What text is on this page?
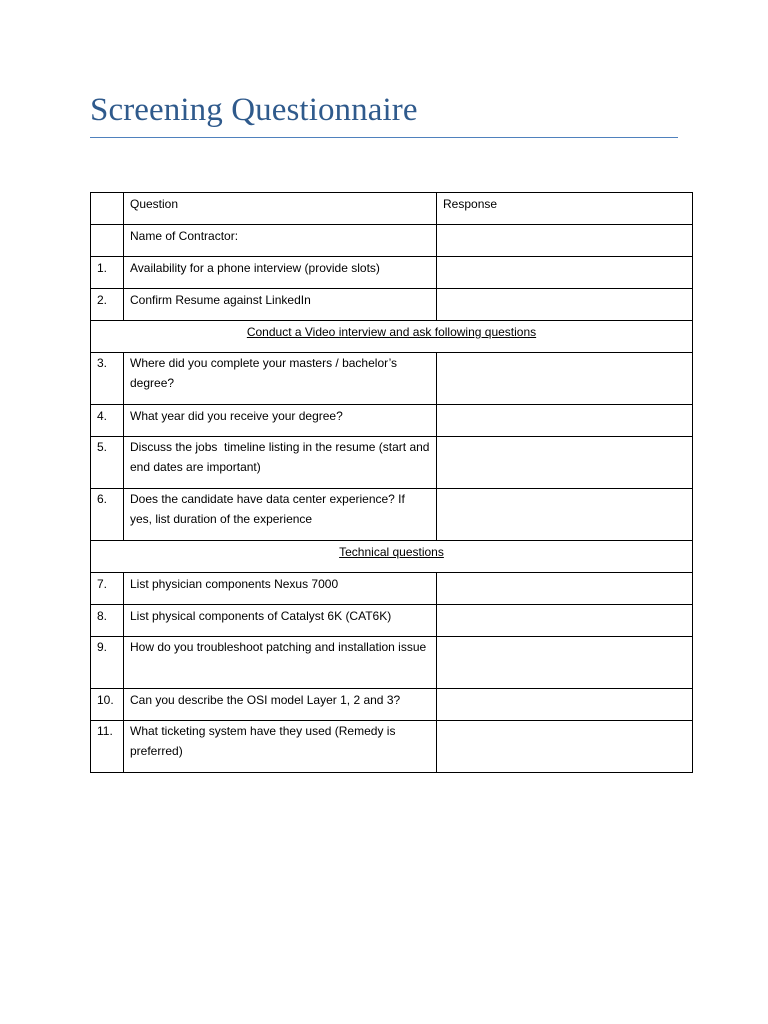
Screening Questionnaire
	Question	Response
	Name of Contractor:	
1.	Availability for a phone interview (provide slots)	
2.	Confirm Resume against LinkedIn	
Conduct a Video interview and ask following questions		
3.	Where did you complete your masters / bachelor’s degree?	
4.	What year did you receive your degree?	
5.	Discuss the jobs  timeline listing in the resume (start and end dates are important)	
6.	Does the candidate have data center experience? If yes, list duration of the experience	
Technical questions		
7.	List physician components Nexus 7000	
8.	List physical components of Catalyst 6K (CAT6K)	
9.	How do you troubleshoot patching and installation issue	
10.	Can you describe the OSI model Layer 1, 2 and 3?	
11.	What ticketing system have they used (Remedy is preferred)	
